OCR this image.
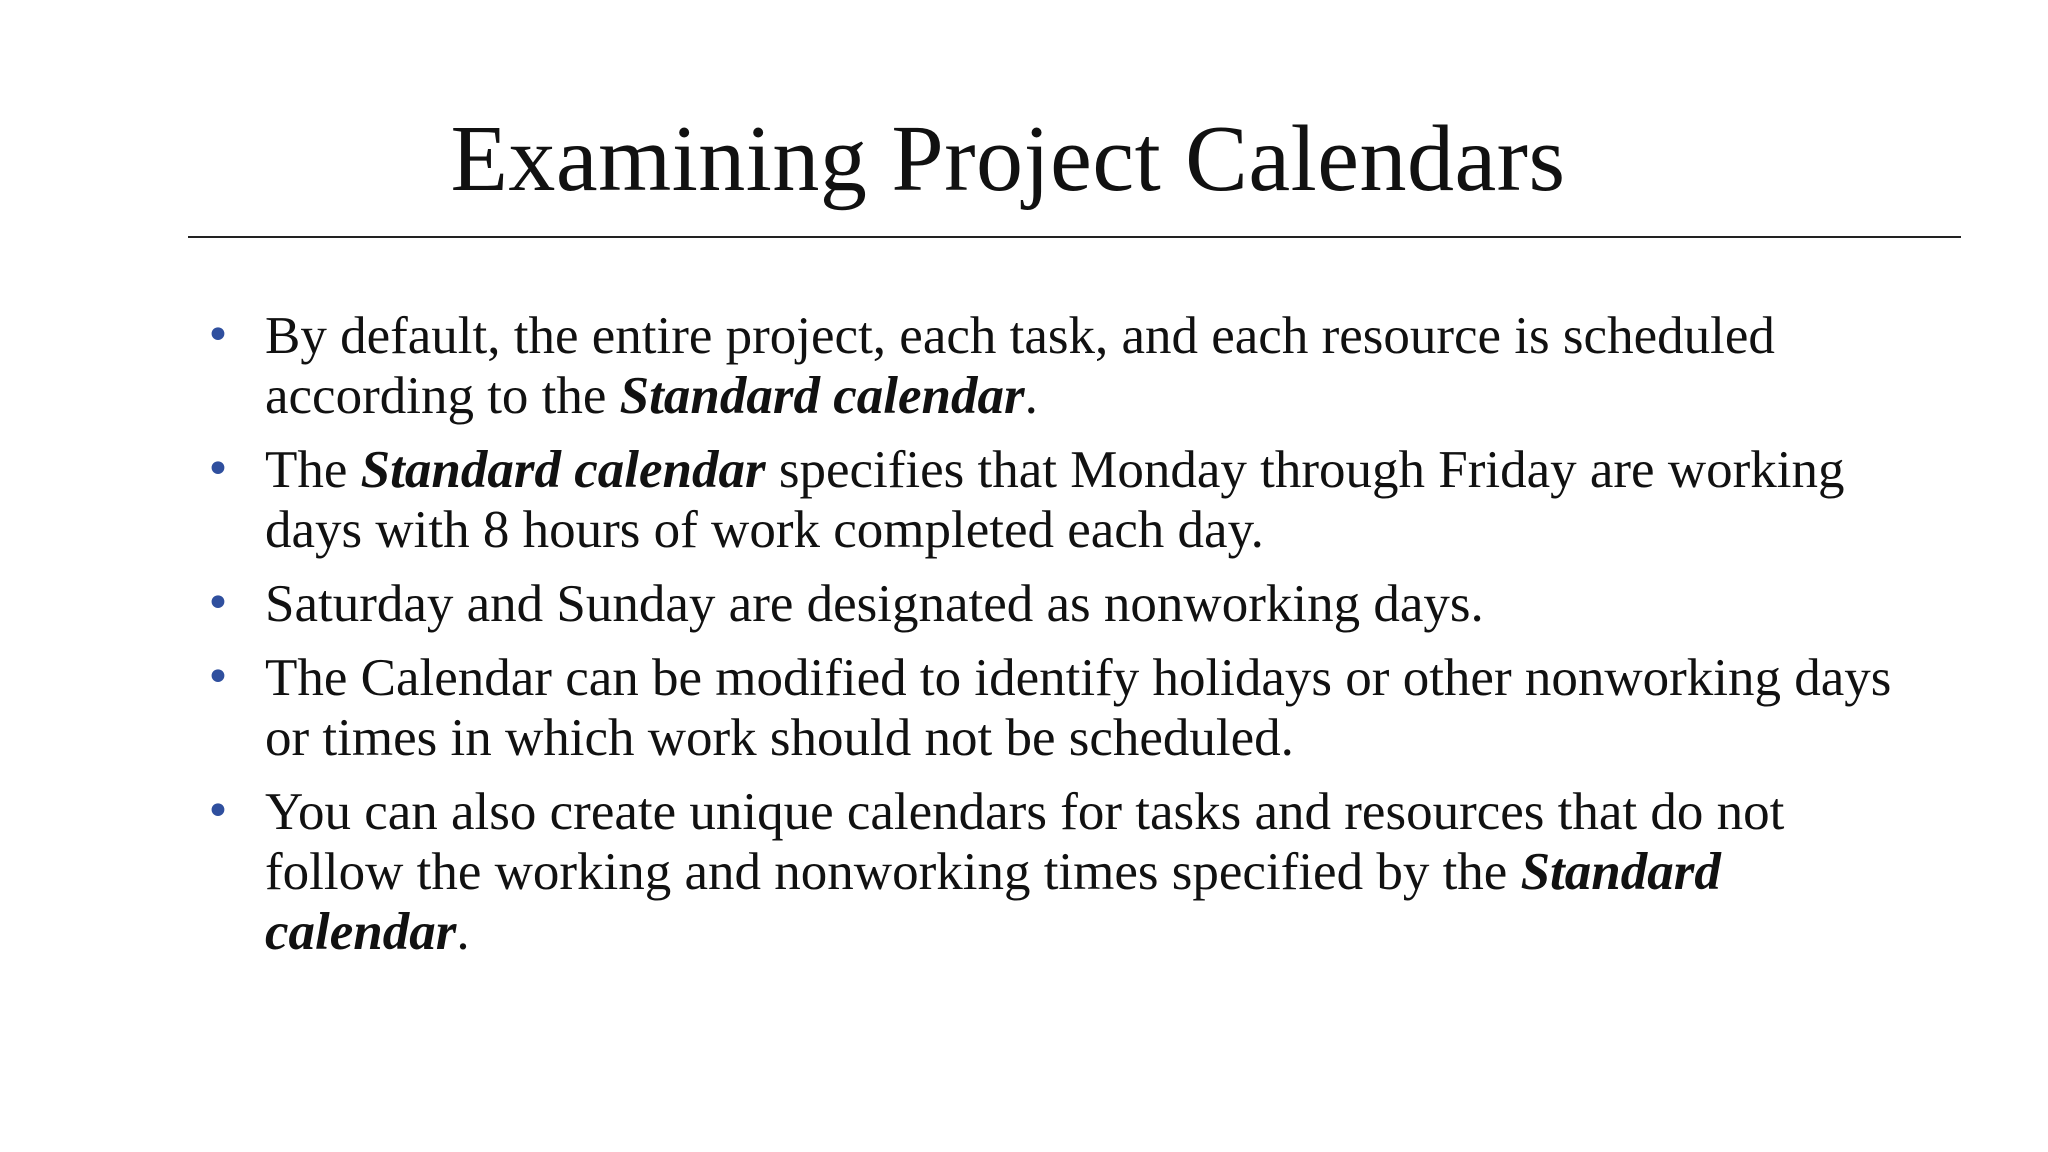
Examining Project Calendars
• By default, the entire project, each task, and each resource is scheduled according to the Standard calendar.
• The Standard calendar specifies that Monday through Friday are working days with 8 hours of work completed each day.
• Saturday and Sunday are designated as nonworking days.
• The Calendar can be modified to identify holidays or other nonworking days or times in which work should not be scheduled.
• You can also create unique calendars for tasks and resources that do not follow the working and nonworking times specified by the Standard calendar.
